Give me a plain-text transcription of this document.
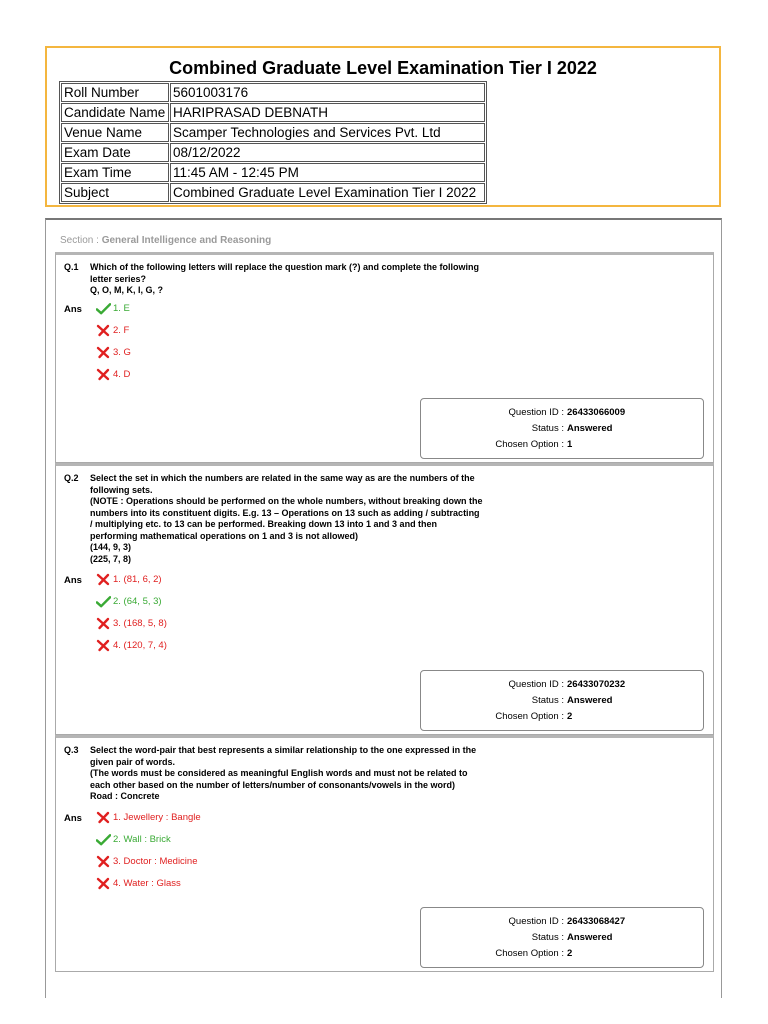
Combined Graduate Level Examination Tier I 2022
Roll Number	5601003176
Candidate Name	HARIPRASAD DEBNATH
Venue Name	Scamper Technologies and Services Pvt. Ltd
Exam Date	08/12/2022
Exam Time	11:45 AM - 12:45 PM
Subject	Combined Graduate Level Examination Tier I 2022
Section : General Intelligence and Reasoning
Q.1 Which of the following letters will replace the question mark (?) and complete the following
letter series?
Q, O, M, K, I, G, ?
Ans	1. E
2. F
3. G
4. D
Question ID : 26433066009
Status : Answered
Chosen Option : 1
Q.2 Select the set in which the numbers are related in the same way as are the numbers of the
following sets.
(NOTE : Operations should be performed on the whole numbers, without breaking down the
numbers into its constituent digits. E.g. 13 – Operations on 13 such as adding / subtracting
/ multiplying etc. to 13 can be performed. Breaking down 13 into 1 and 3 and then
performing mathematical operations on 1 and 3 is not allowed)
(144, 9, 3)
(225, 7, 8)
Ans	1. (81, 6, 2)
2. (64, 5, 3)
3. (168, 5, 8)
4. (120, 7, 4)
Question ID : 26433070232
Status : Answered
Chosen Option : 2
Q.3 Select the word-pair that best represents a similar relationship to the one expressed in the
given pair of words.
(The words must be considered as meaningful English words and must not be related to
each other based on the number of letters/number of consonants/vowels in the word)
Road : Concrete
Ans	1. Jewellery : Bangle
2. Wall : Brick
3. Doctor : Medicine
4. Water : Glass
Question ID : 26433068427
Status : Answered
Chosen Option : 2
